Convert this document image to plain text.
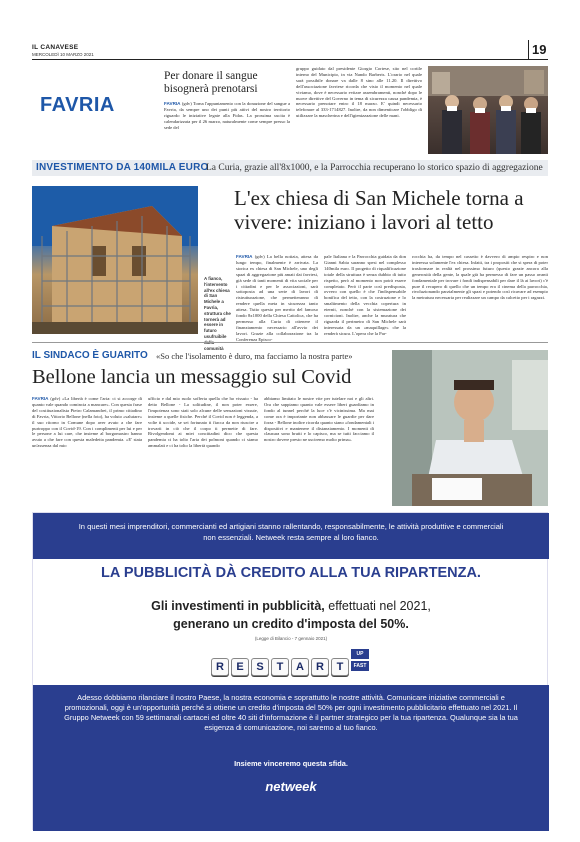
IL CANAVESE
MERCOLEDÌ 10 MARZO 2021	19
FAVRIA
Per donare il sangue bisognerà prenotarsi
FAVRIA (gdv) Torna l'appuntamento con la donazione del sangue a Favria, da sempre uno dei punti più attivi del nostro territorio riguardo le iniziative legate alla Fidas. La prossima uscita è calendarizzata per il 26 marzo, naturalmente come sempre presso la sede del
gruppo guidato dal presidente Giorgio Cortese, sito nel cortile interno del Municipio, in via Nando Barberis. L'orario nel quale sarà possibile donare va dalle 8 sino alle 11.20. Il direttivo dell'associazione favriese ricorda che visto il momento nel quale viviamo, dove è necessario evitare assembramenti, nonché dopo le nuove direttive del Governo in tema di sicurezza causa pandemia, è necessario prenotare entro il 18 marzo. E' quindi necessario telefonare al 333-1714827. Inoltre, da non dimenticare l'obbligo di utilizzare la mascherina e dell'igienizzazione delle mani.
INVESTIMENTO DA 140MILA EURO
La Curia, grazie all'8x1000, e la Parrocchia recuperano lo storico spazio di aggregazione
A fianco, l'intervento all'ex chiesa di San Michele a Favria, struttura che tornerà ad essere in futuro usufruibile comunità
L'ex chiesa di San Michele torna a vivere: iniziano i lavori al tetto
FAVRIA (gdv) La bella notizia, attesa da lungo tempo, finalmente è arrivata. La storica ex chiesa di San Michele, uno degli spazi di aggregazione più amati dai favriesi, già sede di tanti momenti di vita sociale per i cittadini e per le associazioni, sarà sottoposta ad una serie di lavori di ristrutturazione, che permetteranno di rendere quella meta in sicurezza tanto attesa. Tutto questo per merito del famoso fondo 8x1000 della Chiesa Cattolica, che ha permesso alla Curia di ottenere il finanziamento necessario all'avvio dei lavori. Grazie alla collaborazione tra la Conferenza Episco-
pale Italiana e la Parrocchia guidata da don Gianni Sabia saranno spesi nel complesso 140mila euro. Il progetto di riqualificazione totale della struttura è senza dubbio di tutto rispetto, però al momento non potrà essere completato. Però il parte così predisposta, ovvero con quello è che l'indispensabile bonifica del tetto, con la costruzione e lo smaltimento della vecchia copertura in eternit, nonché con la sistemazione dei cornicioni. Inoltre, anche la muratura che riguarda il perimetro di San Michele sarà interessata da un «maquillage» che la renderà sicura. L'opera che la Par-
rocchia ha, da tempo nel cassetto è davvero di ampio respiro e non interessa solamente l'ex chiesa. Infatti, tra i propositi che si spera di poter trasformare in realtà nel prossimo futuro (questo grazie ancora alla generosità della gente, la quale già ha permesso di fare un passo avanti fondamentale per trovare i fondi indispensabili per dare il là ai lavori) c'è pure il recupero di quello che un tempo era il cinema della parrocchia, rivoluzionando parzialmente gli spazi e potendo così ricavare ad esempio la metratura necessaria per realizzare un campo da calcetto per i ragazzi.
IL SINDACO È GUARITO «So che l'isolamento è duro, ma facciamo la nostra parte»
Bellone lancia un messaggio sul Covid
FAVRIA (gdv) «La libertà è come l'aria: ci si accorge di quanto vale quando comincia a mancare». Con questa frase del costituzionalista Pietro Calamandrei, il primo cittadino di Favria, Vittorio Bellone (nella foto), ha voluto «salutare» il suo ritorno in Comune dopo aver avuto a che fare purtroppo con il Covid-19. Con i complimenti per lui e per le persone a lui care, che insieme al borgomastro hanno avuto a che fare con questa maledetta pandemia. «E' stata un'assenza dal mio
ufficio e dal mio ruolo sofferta quella che ho vissuto - ha detto Bellone - La solitudine, il non poter essere, l'impotenza sono stati solo alcune delle sensazioni vissute, insieme a quelle fisiche. Perché il Covid non è leggenda, a volte ti uccide, se sei fortunato ti fiacca da non riuscire a trovarti in ciò che il corpo ti permette di fare. Rivolgendomi ai miei concittadini dico che questa pandemia ci ha tolto l'aria dei polmoni quando ci siamo ammalati e ci ha tolto la libertà quando
abbiamo limitato le nostre vite per tutelare noi e gli altri. Ora che sappiamo quanto vale essere liberi guardiamo in fondo al tunnel perché la luce c'è vicinissima. Ma mai come ora è importante non abbassare le guardie per dare forza - Bellone inoltre ricorda quanto siano «fondamentali i dispositivi e mantenere il distanziamento. I momenti di clausura sono brutti e lo capisco, ma se tutti facciamo il nostro dovere presto ne usciremo molto prima».
In questi mesi imprenditori, commercianti ed artigiani stanno rallentando, responsabilmente, le attività produttive e commerciali non essenziali. Netweek resta sempre al loro fianco.
LA PUBBLICITÀ DÀ CREDITO ALLA TUA RIPARTENZA.
Gli investimenti in pubblicità, effettuati nel 2021,
generano un credito d'imposta del 50%.
(Legge di Bilancio - 7 gennaio 2021)
R	E	S	T	A	R	T
UP
FAST
Adesso dobbiamo rilanciare il nostro Paese, la nostra economia e soprattutto le nostre attività. Comunicare iniziative commerciali e promozionali, oggi è un'opportunità perché si ottiene un credito d'imposta del 50% per ogni investimento pubblicitario effettuato nel 2021. Il Gruppo Netweek con 59 settimanali cartacei ed oltre 40 siti d'informazione è il partner strategico per la tua ripartenza. Qualunque sia la tua esigenza di comunicazione, noi saremo al tuo fianco.
Insieme vinceremo questa sfida.
netweek
